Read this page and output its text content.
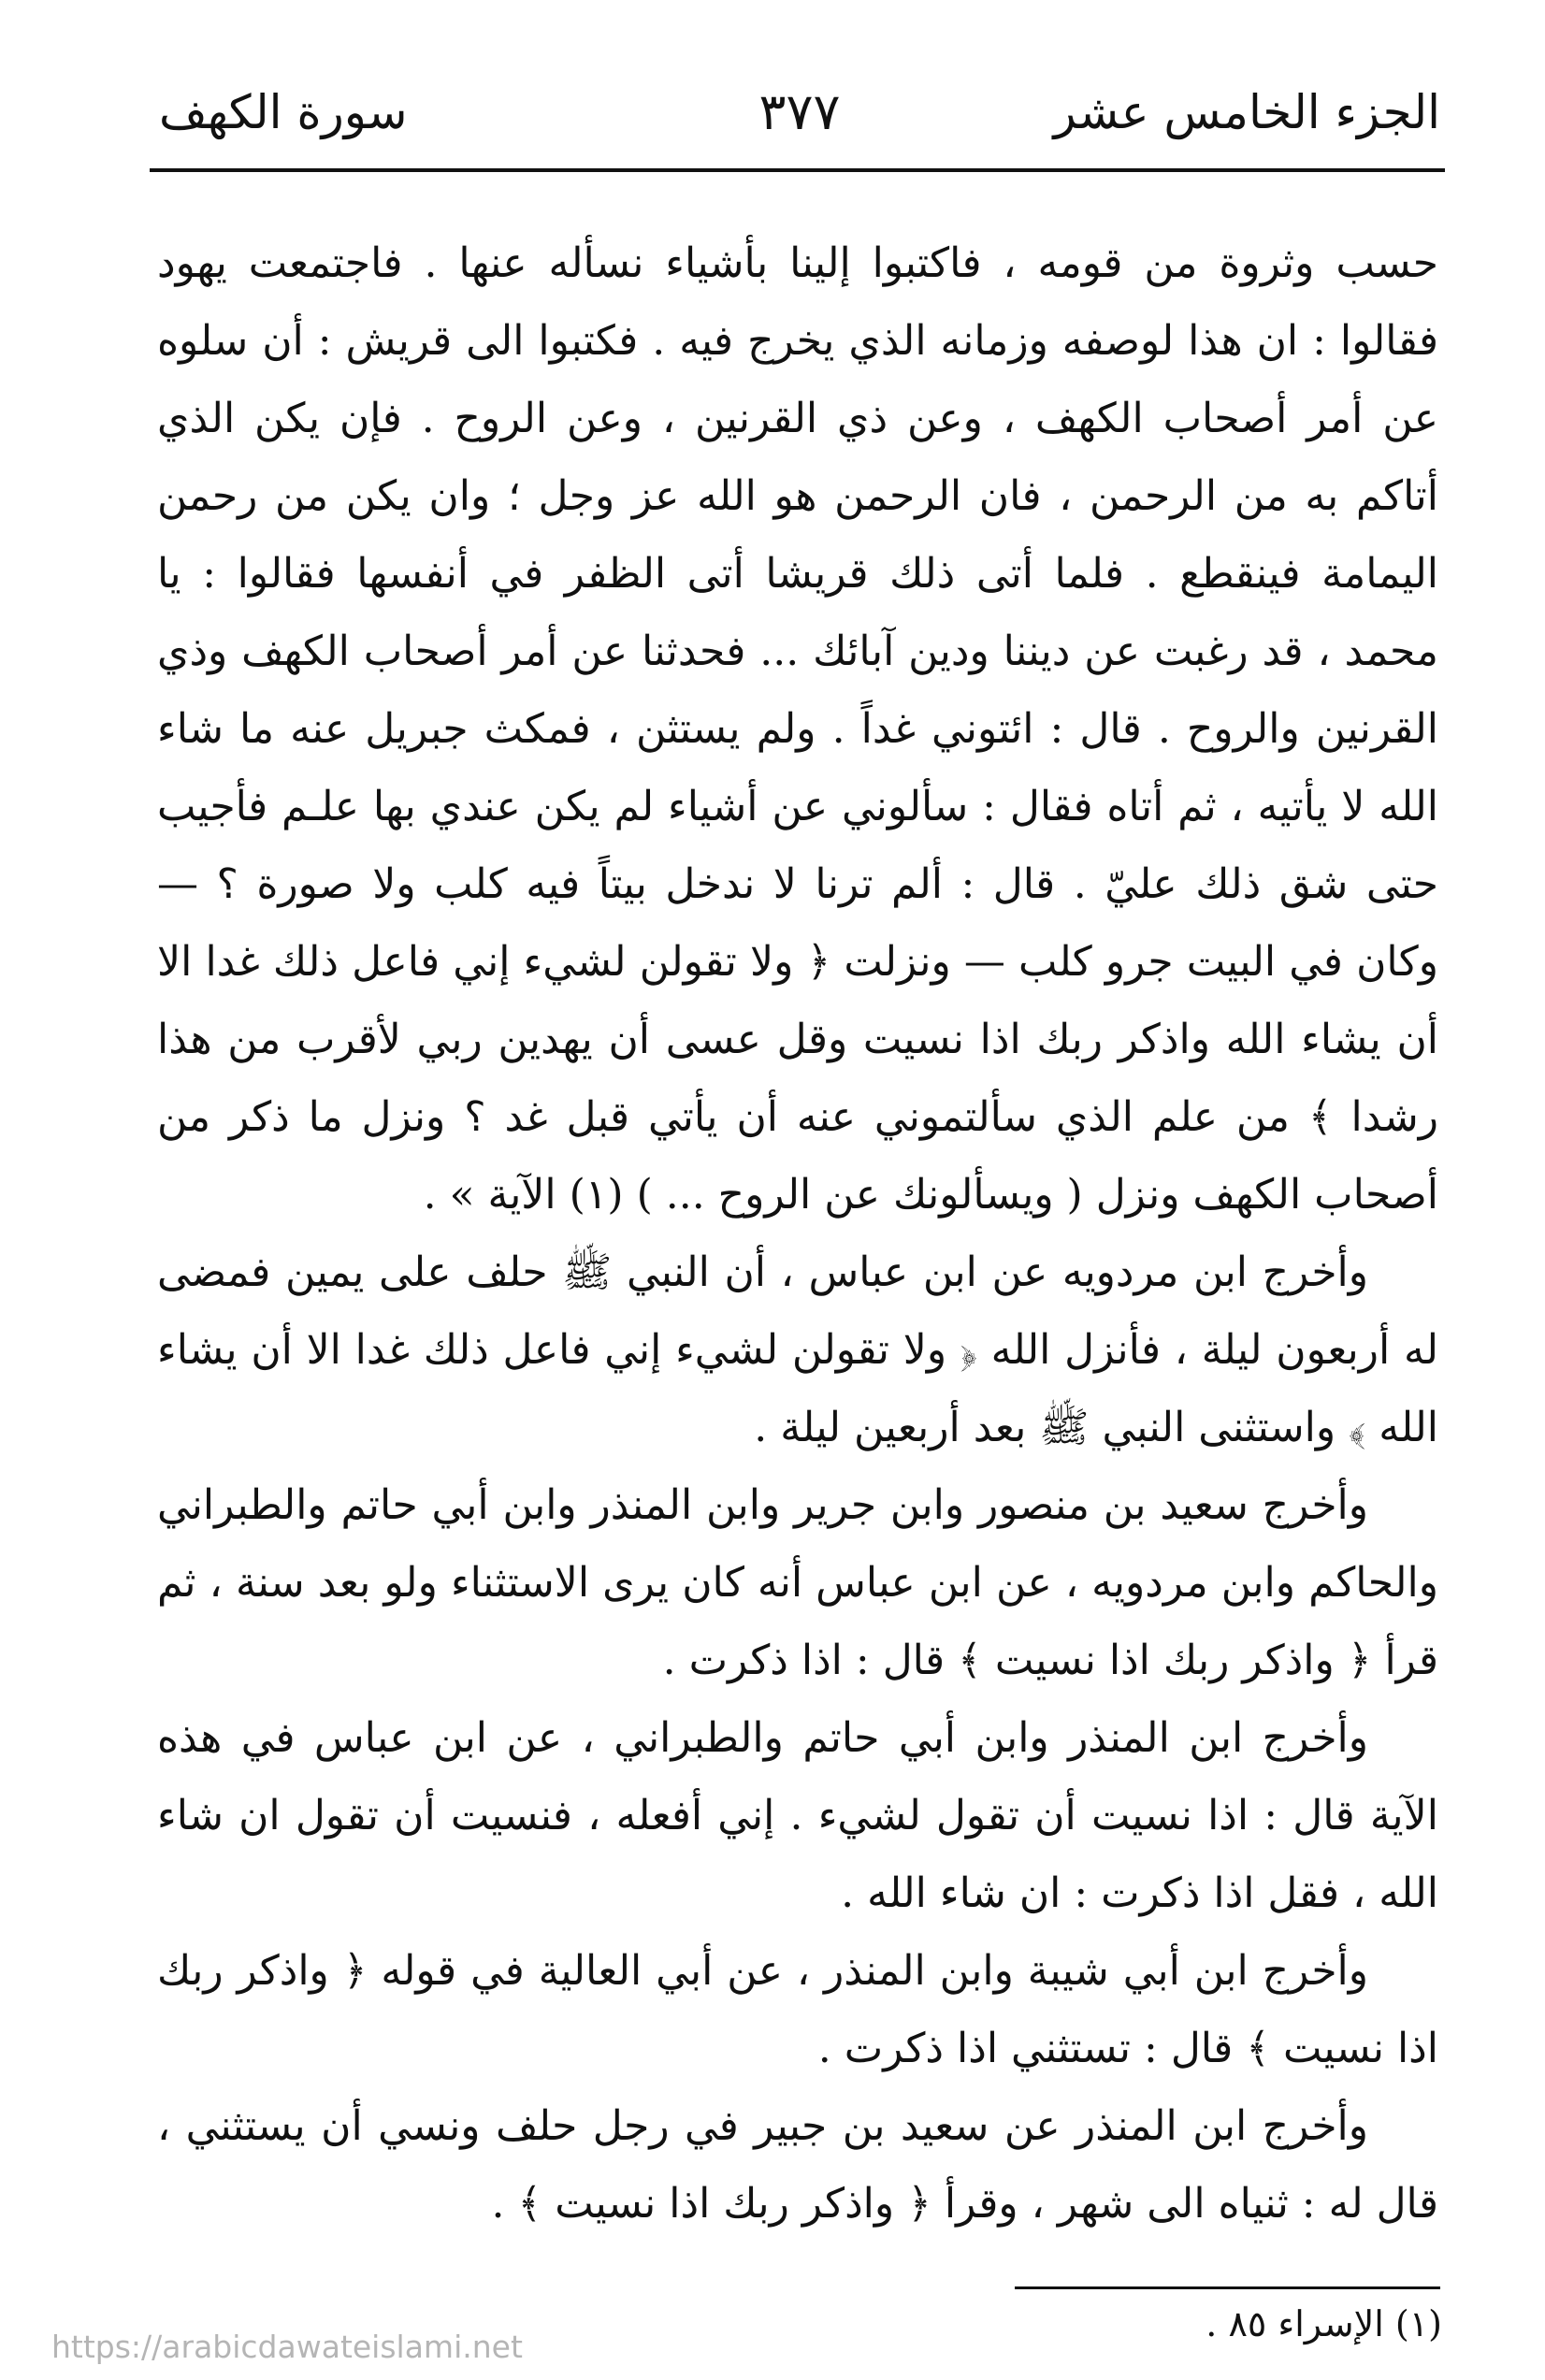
الجزء الخامس عشر
٣٧٧
سورة الكهف

حسب وثروة من قومه ، فاكتبوا إلينا بأشياء نسأله عنها . فاجتمعت يهود فقالوا : ان هذا لوصفه وزمانه الذي يخرج فيه . فكتبوا الى قريش : أن سلوه عن أمر أصحاب الكهف ، وعن ذي القرنين ، وعن الروح . فإن يكن الذي أتاكم به من الرحمن ، فان الرحمن هو الله عز وجل ؛ وان يكن من رحمن اليمامة فينقطع . فلما أتى ذلك قريشا أتى الظفر في أنفسها فقالوا : يا محمد ، قد رغبت عن ديننا ودين آبائك ... فحدثنا عن أمر أصحاب الكهف وذي القرنين والروح . قال : ائتوني غداً . ولم يستثن ، فمكث جبريل عنه ما شاء الله لا يأتيه ، ثم أتاه فقال : سألوني عن أشياء لم يكن عندي بها علـم فأجيب حتى شق ذلك عليّ . قال : ألم ترنا لا ندخل بيتاً فيه كلب ولا صورة ؟ — وكان في البيت جرو كلب — ونزلت ﴿ ولا تقولن لشيء إني فاعل ذلك غدا الا أن يشاء الله واذكر ربك اذا نسيت وقل عسى أن يهدين ربي لأقرب من هذا رشدا ﴾ من علم الذي سألتموني عنه أن يأتي قبل غد ؟ ونزل ما ذكر من أصحاب الكهف ونزل ( ويسألونك عن الروح ... ) (١) الآية » .

وأخرج ابن مردويه عن ابن عباس ، أن النبي ﷺ حلف على يمين فمضى له أربعون ليلة ، فأنزل الله ﴿ ولا تقولن لشيء إني فاعل ذلك غدا الا أن يشاء الله ﴾ واستثنى النبي ﷺ بعد أربعين ليلة .

وأخرج سعيد بن منصور وابن جرير وابن المنذر وابن أبي حاتم والطبراني والحاكم وابن مردويه ، عن ابن عباس أنه كان يرى الاستثناء ولو بعد سنة ، ثم قرأ ﴿ واذكر ربك اذا نسيت ﴾ قال : اذا ذكرت .

وأخرج ابن المنذر وابن أبي حاتم والطبراني ، عن ابن عباس في هذه الآية قال : اذا نسيت أن تقول لشيء . إني أفعله ، فنسيت أن تقول ان شاء الله ، فقل اذا ذكرت : ان شاء الله .

وأخرج ابن أبي شيبة وابن المنذر ، عن أبي العالية في قوله ﴿ واذكر ربك اذا نسيت ﴾ قال : تستثني اذا ذكرت .

وأخرج ابن المنذر عن سعيد بن جبير في رجل حلف ونسي أن يستثني ، قال له : ثنياه الى شهر ، وقرأ ﴿ واذكر ربك اذا نسيت ﴾ .

(١) الإسراء ٨٥ .
https://arabicdawateislami.net
